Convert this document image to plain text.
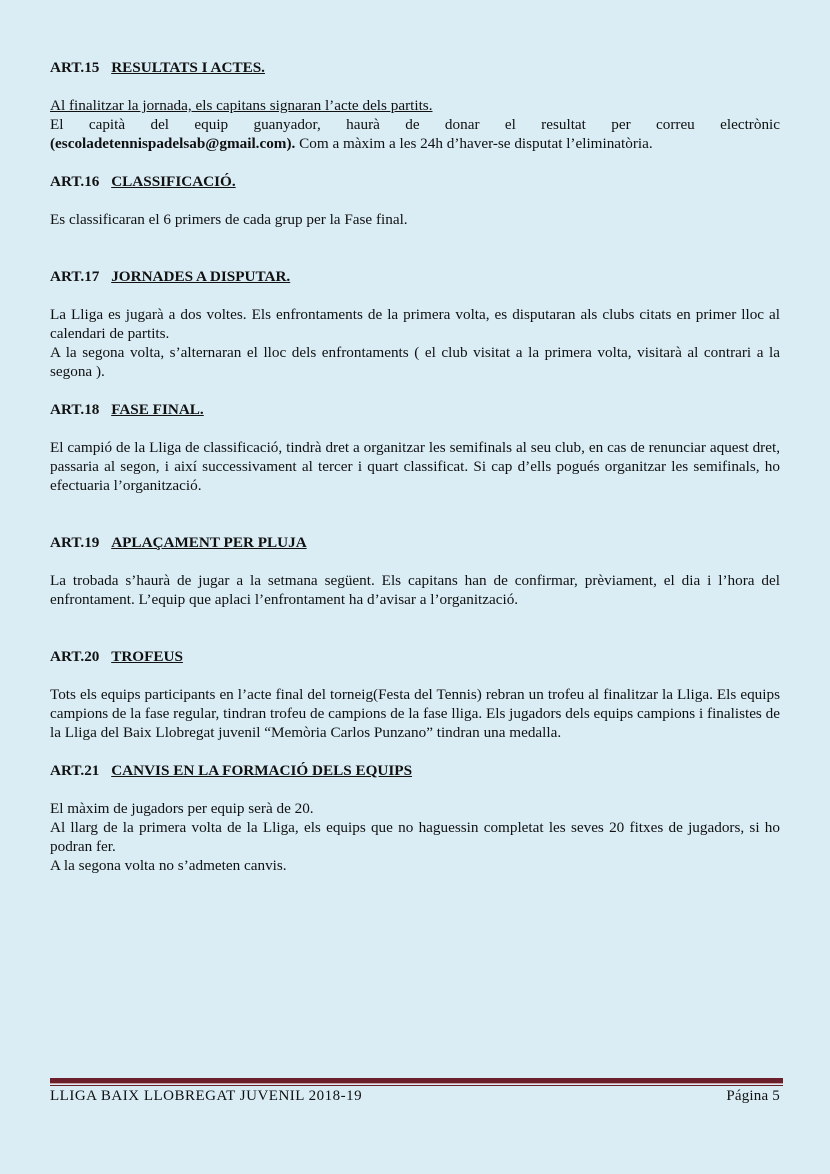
ART.15 RESULTATS I ACTES.

Al finalitzar la jornada, els capitans signaran l’acte dels partits.

El capità del equip guanyador, haurà de donar el resultat per correu electrònic

(escoladetennispadelsab@gmail.com). Com a màxim a les 24h d’haver-se disputat l’eliminatòria.

ART.16 CLASSIFICACIÓ.

Es classificaran el 6 primers de cada grup per la Fase final.

ART.17 JORNADES A DISPUTAR.

La Lliga es jugarà a dos voltes. Els enfrontaments de la primera volta, es disputaran als clubs citats en primer lloc al calendari de partits.

A la segona volta, s’alternaran el lloc dels enfrontaments ( el club visitat a la primera volta, visitarà al contrari a la segona ).

ART.18 FASE FINAL.

El campió de la Lliga de classificació, tindrà dret a organitzar les semifinals al seu club, en cas de renunciar aquest dret, passaria al segon, i així successivament al tercer i quart classificat. Si cap d’ells pogués organitzar les semifinals, ho efectuaria l’organització.

ART.19 APLAÇAMENT PER PLUJA

La trobada s’haurà de jugar a la setmana següent. Els capitans han de confirmar, prèviament, el dia i l’hora del enfrontament. L’equip que aplaci l’enfrontament ha d’avisar a l’organització.

ART.20 TROFEUS

Tots els equips participants en l’acte final del torneig(Festa del Tennis) rebran un trofeu al finalitzar la Lliga. Els equips campions de la fase regular, tindran trofeu de campions de la fase lliga. Els jugadors dels equips campions i finalistes de la Lliga del Baix Llobregat juvenil “Memòria Carlos Punzano” tindran una medalla.

ART.21 CANVIS EN LA FORMACIÓ DELS EQUIPS

El màxim de jugadors per equip serà de 20.

Al llarg de la primera volta de la Lliga, els equips que no haguessin completat les seves 20 fitxes de jugadors, si ho podran fer.

A la segona volta no s’admeten canvis.

LLIGA BAIX LLOBREGAT JUVENIL 2018-19	Página 5
